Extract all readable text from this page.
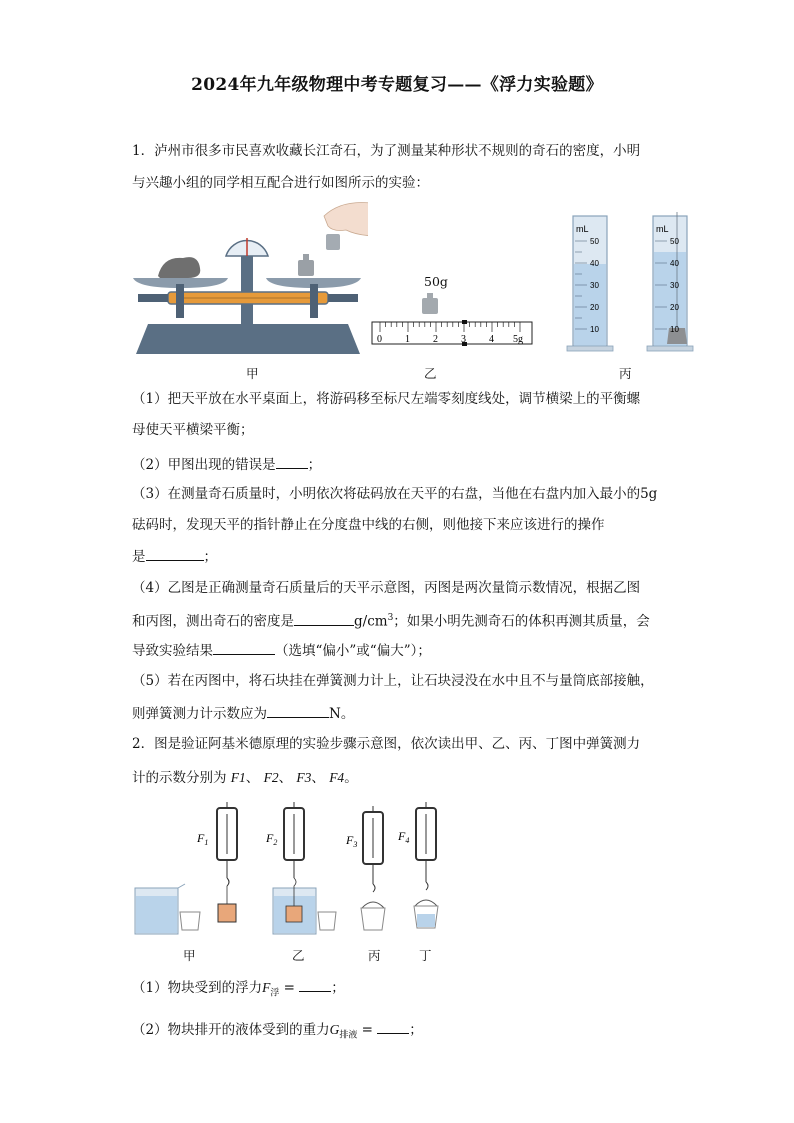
2024年九年级物理中考专题复习——《浮力实验题》
1．泸州市很多市民喜欢收藏长江奇石，为了测量某种形状不规则的奇石的密度，小明
与兴趣小组的同学相互配合进行如图所示的实验：
50g
0 1 2 3 4 5g
mL
50
40
30
20
10
mL
50
40
30
20
10
甲	乙	丙
（1）把天平放在水平桌面上，将游码移至标尺左端零刻度线处，调节横梁上的平衡螺
母使天平横梁平衡；
（2）甲图出现的错误是 ；
（3）在测量奇石质量时，小明依次将砝码放在天平的右盘，当他在右盘内加入最小的5g
砝码时，发现天平的指针静止在分度盘中线的右侧，则他接下来应该进行的操作
是	；
（4）乙图是正确测量奇石质量后的天平示意图，丙图是两次量筒示数情况，根据乙图
和丙图，测出奇石的密度是	$g/cm^3$；如果小明先测奇石的体积再测其质量，会
导致实验结果	（选填“偏小”或“偏大”）；
（5）若在丙图中，将石块挂在弹簧测力计上，让石块浸没在水中且不与量筒底部接触，
则弹簧测力计示数应为	N。
2．图是验证阿基米德原理的实验步骤示意图，依次读出甲、乙、丙、丁图中弹簧测力
计的示数分别为 F1、 F2、 F3、 F4。
$F_1$	$F_2$	$F_3$
$F_4$
甲	乙	丙	丁
（1）物块受到的浮力$F_浮$ =	；
（2）物块排开的液体受到的重力$G_{排液}$ =	；
